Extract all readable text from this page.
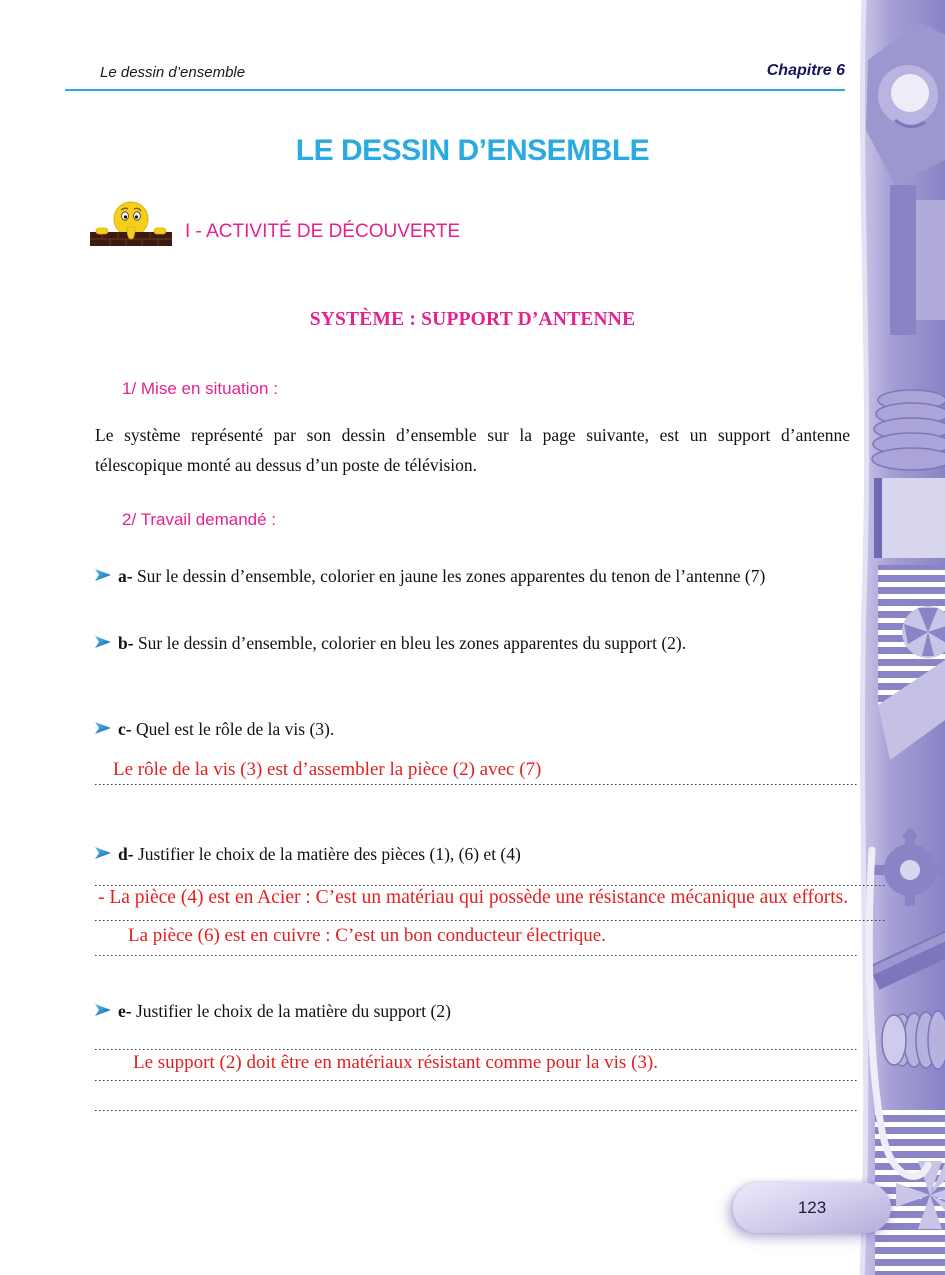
Le dessin d’ensemble	Chapitre 6
LE DESSIN D’ENSEMBLE
I - ACTIVITÉ DE DÉCOUVERTE
SYSTÈME : SUPPORT D’ANTENNE
1/ Mise en situation :
Le système représenté par son dessin d’ensemble sur la page suivante, est un support d’antenne télescopique monté au dessus d’un poste de télévision.
2/ Travail demandé :
a- Sur le dessin d’ensemble, colorier en jaune les zones apparentes du tenon de l’antenne (7)
b- Sur le dessin d’ensemble, colorier en bleu les zones apparentes du support (2).
c- Quel est le rôle de la vis (3).
d- Justifier le choix de la matière des pièces (1), (6) et (4)
e- Justifier le choix de la matière du support (2)
Le rôle de la vis (3) est d’assembler la pièce (2) avec (7)
- La pièce (4) est en Acier : C’est un matériau qui possède une résistance mécanique aux efforts.
La pièce (6) est en cuivre : C’est un bon conducteur électrique.
Le support (2) doit être en matériaux résistant comme pour la vis (3).
123
